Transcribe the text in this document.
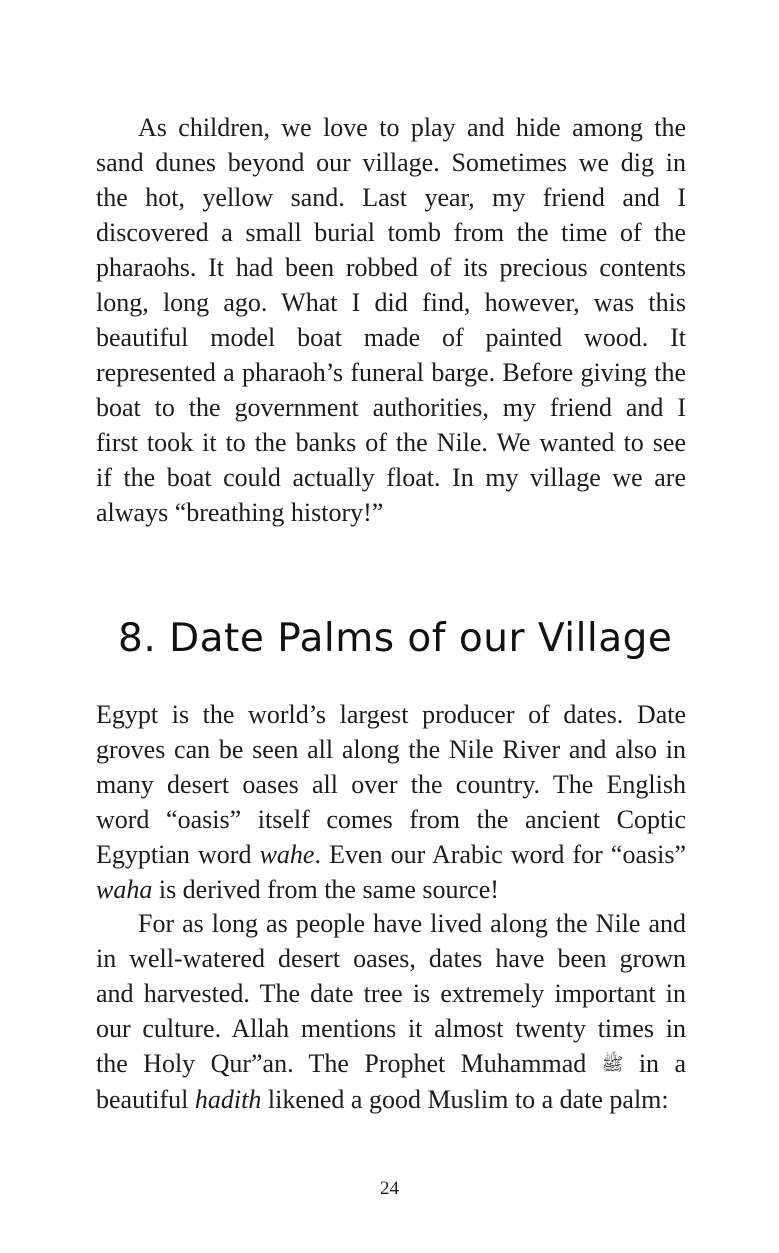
As children, we love to play and hide among the
sand dunes beyond our village. Sometimes we dig in
the hot, yellow sand. Last year, my friend and I
discovered a small burial tomb from the time of the
pharaohs. It had been robbed of its precious contents
long, long ago. What I did find, however, was this
beautiful model boat made of painted wood. It
represented a pharaoh’s funeral barge. Before giving the
boat to the government authorities, my friend and I
first took it to the banks of the Nile. We wanted to see
if the boat could actually float. In my village we are
always “breathing history!”

8. Date Palms of our Village

Egypt is the world’s largest producer of dates. Date
groves can be seen all along the Nile River and also in
many desert oases all over the country. The English
word “oasis” itself comes from the ancient Coptic
Egyptian word wahe. Even our Arabic word for “oasis”
waha is derived from the same source!

For as long as people have lived along the Nile and
in well-watered desert oases, dates have been grown
and harvested. The date tree is extremely important in
our culture. Allah mentions it almost twenty times in
the Holy Qur”an. The Prophet Muhammad ﷺ in a
beautiful hadith likened a good Muslim to a date palm:

24
